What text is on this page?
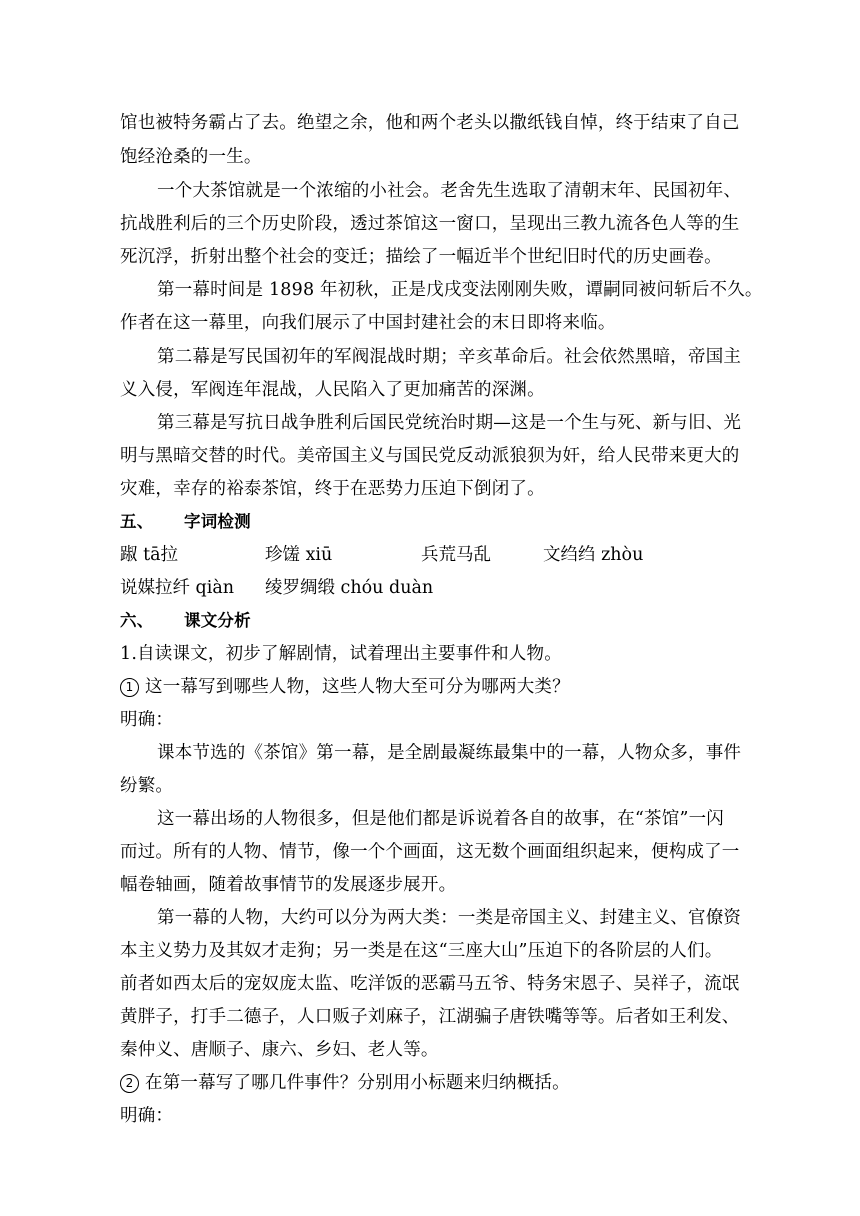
馆也被特务霸占了去。绝望之余，他和两个老头以撒纸钱自悼，终于结束了自己
饱经沧桑的一生。
一个大茶馆就是一个浓缩的小社会。老舍先生选取了清朝末年、民国初年、
抗战胜利后的三个历史阶段，透过茶馆这一窗口，呈现出三教九流各色人等的生
死沉浮，折射出整个社会的变迁；描绘了一幅近半个世纪旧时代的历史画卷。
第一幕时间是 1898 年初秋，正是戊戌变法刚刚失败，谭嗣同被问斩后不久。
作者在这一幕里，向我们展示了中国封建社会的末日即将来临。
第二幕是写民国初年的军阀混战时期；辛亥革命后。社会依然黑暗，帝国主
义入侵，军阀连年混战，人民陷入了更加痛苦的深渊。
第三幕是写抗日战争胜利后国民党统治时期—这是一个生与死、新与旧、光
明与黑暗交替的时代。美帝国主义与国民党反动派狼狈为奸，给人民带来更大的
灾难，幸存的裕泰茶馆，终于在恶势力压迫下倒闭了。
五、 字词检测
踧 tā拉	珍馐 xiū	兵荒马乱	文绉绉 zhòu
说媒拉纤 qiàn 绫罗绸缎 chóu duàn
六、 课文分析
1.自读课文，初步了解剧情，试着理出主要事件和人物。
1 这一幕写到哪些人物，这些人物大至可分为哪两大类？
明确：
课本节选的《茶馆》第一幕，是全剧最凝练最集中的一幕，人物众多，事件
纷繁。
这一幕出场的人物很多，但是他们都是诉说着各自的故事，在“茶馆”一闪
而过。所有的人物、情节，像一个个画面，这无数个画面组织起来，便构成了一
幅卷轴画，随着故事情节的发展逐步展开。
第一幕的人物，大约可以分为两大类：一类是帝国主义、封建主义、官僚资
本主义势力及其奴才走狗；另一类是在这“三座大山”压迫下的各阶层的人们。
前者如西太后的宠奴庞太监、吃洋饭的恶霸马五爷、特务宋恩子、吴祥子，流氓
黄胖子，打手二德子，人口贩子刘麻子，江湖骗子唐铁嘴等等。后者如王利发、
秦仲义、唐顺子、康六、乡妇、老人等。
2 在第一幕写了哪几件事件？分别用小标题来归纳概括。
明确：
